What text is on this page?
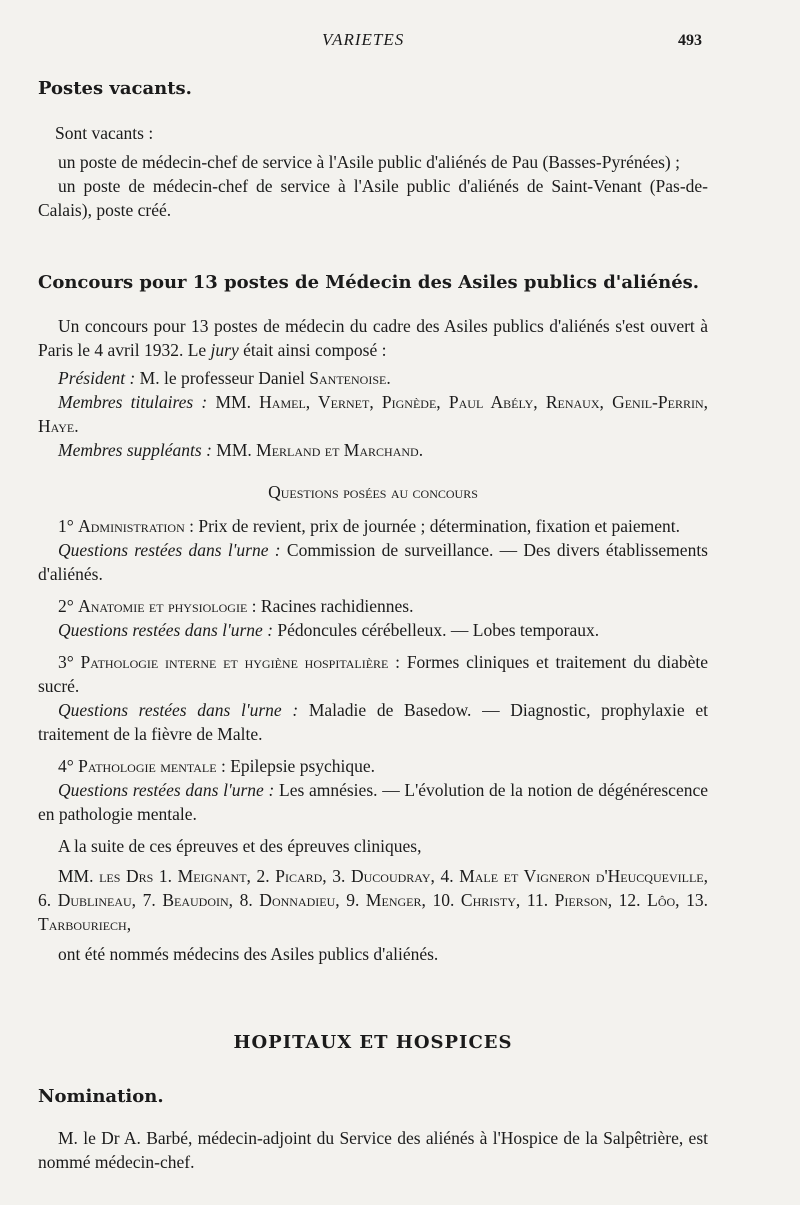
VARIETES	493
Postes vacants.

Sont vacants :

un poste de médecin-chef de service à l'Asile public d'aliénés de Pau (Basses-Pyrénées) ;

un poste de médecin-chef de service à l'Asile public d'aliénés de Saint-Venant (Pas-de-Calais), poste créé.

Concours pour 13 postes de Médecin des Asiles publics d'aliénés.

Un concours pour 13 postes de médecin du cadre des Asiles publics d'aliénés s'est ouvert à Paris le 4 avril 1932. Le jury était ainsi composé :

Président : M. le professeur Daniel Santenoise.

Membres titulaires : MM. Hamel, Vernet, Pignède, Paul Abély, Renaux, Genil-Perrin, Haye.

Membres suppléants : MM. Merland et Marchand.

Questions posées au concours

1° Administration : Prix de revient, prix de journée ; détermination, fixation et paiement.

Questions restées dans l'urne : Commission de surveillance. — Des divers établissements d'aliénés.

2° Anatomie et physiologie : Racines rachidiennes.

Questions restées dans l'urne : Pédoncules cérébelleux. — Lobes temporaux.

3° Pathologie interne et hygiène hospitalière : Formes cliniques et traitement du diabète sucré.

Questions restées dans l'urne : Maladie de Basedow. — Diagnostic, prophylaxie et traitement de la fièvre de Malte.

4° Pathologie mentale : Epilepsie psychique.

Questions restées dans l'urne : Les amnésies. — L'évolution de la notion de dégénérescence en pathologie mentale.

A la suite de ces épreuves et des épreuves cliniques,

MM. les Drs 1. Meignant, 2. Picard, 3. Ducoudray, 4. Male et Vigneron d'Heucqueville, 6. Dublineau, 7. Beaudoin, 8. Donnadieu, 9. Menger, 10. Christy, 11. Pierson, 12. Lôo, 13. Tarbouriech,

ont été nommés médecins des Asiles publics d'aliénés.

HOPITAUX ET HOSPICES

Nomination.

M. le Dr A. Barbé, médecin-adjoint du Service des aliénés à l'Hospice de la Salpêtrière, est nommé médecin-chef.
